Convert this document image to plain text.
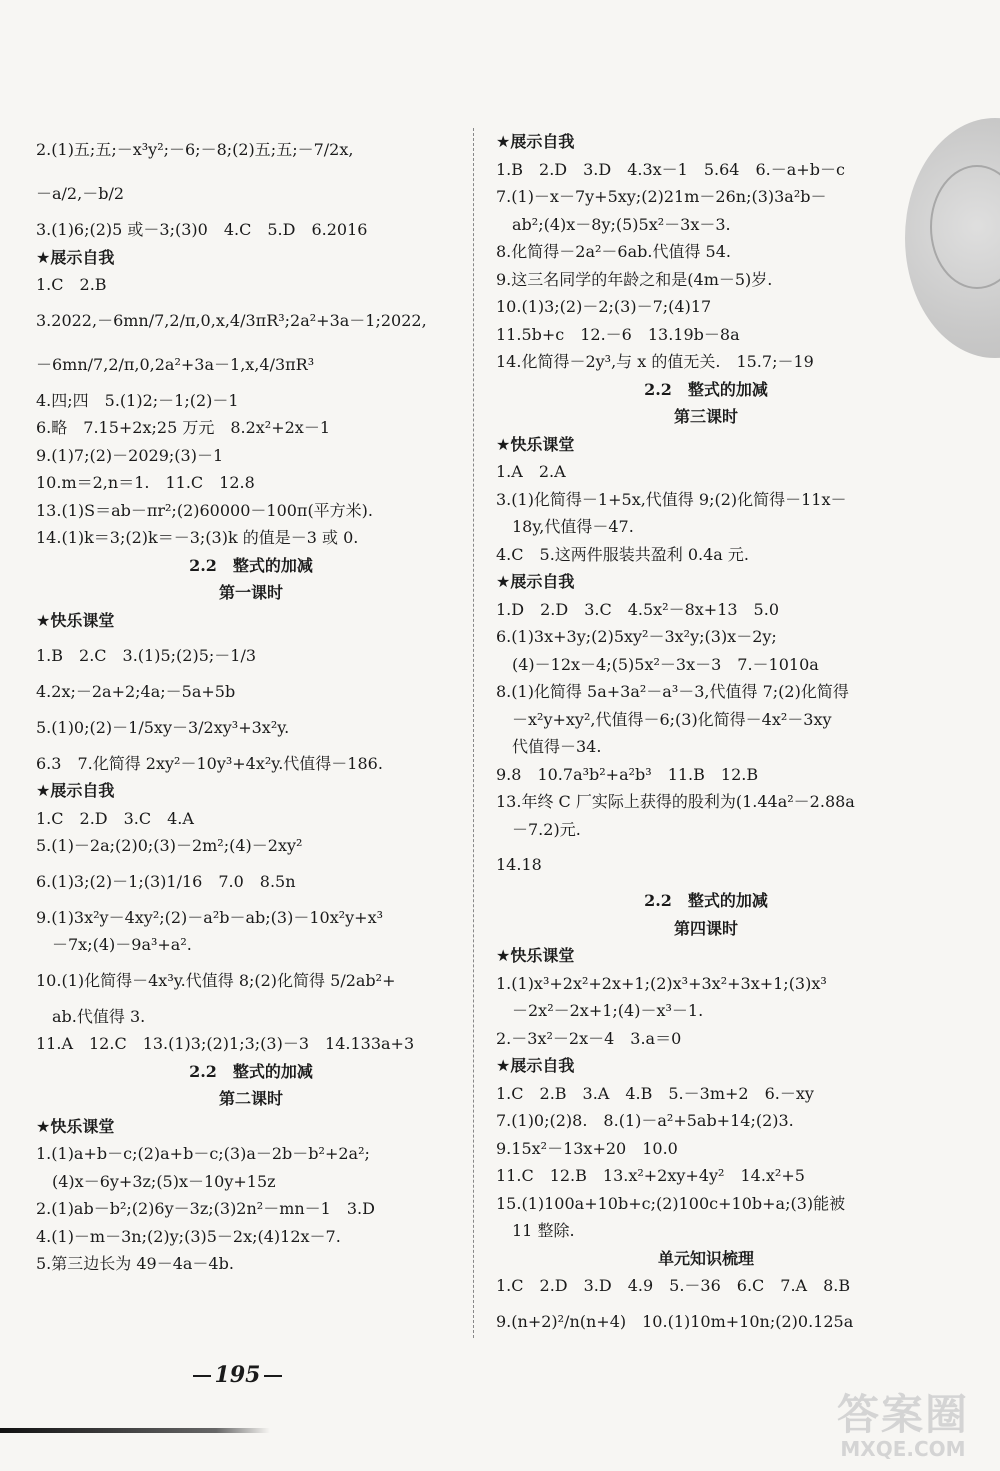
2.(1)五;五;－x³y²;－6;－8;(2)五;五;－7/2x,
－a/2,－b/2
3.(1)6;(2)5 或－3;(3)0　4.C　5.D　6.2016
★展示自我
1.C　2.B
3.2022,－6mn/7,2/π,0,x,4/3πR³;2a²+3a－1;2022,
－6mn/7,2/π,0,2a²+3a－1,x,4/3πR³
4.四;四　5.(1)2;－1;(2)－1
6.略　7.15+2x;25 万元　8.2x²+2x－1
9.(1)7;(2)－2029;(3)－1
10.m＝2,n＝1.　11.C　12.8
13.(1)S＝ab－πr²;(2)60000－100π(平方米).
14.(1)k＝3;(2)k＝－3;(3)k 的值是－3 或 0.
2.2　整式的加减
第一课时
★快乐课堂
1.B　2.C　3.(1)5;(2)5;－1/3
4.2x;－2a+2;4a;－5a+5b
5.(1)0;(2)－1/5xy－3/2xy³+3x²y.
6.3　7.化简得 2xy²－10y³+4x²y.代值得－186.
★展示自我
1.C　2.D　3.C　4.A
5.(1)－2a;(2)0;(3)－2m²;(4)－2xy²
6.(1)3;(2)－1;(3)1/16　7.0　8.5n
9.(1)3x²y－4xy²;(2)－a²b－ab;(3)－10x²y+x³
　－7x;(4)－9a³+a².
10.(1)化简得－4x³y.代值得 8;(2)化简得 5/2ab²+
　ab.代值得 3.
11.A　12.C　13.(1)3;(2)1;3;(3)－3　14.133a+3
2.2　整式的加减
第二课时
★快乐课堂
1.(1)a+b－c;(2)a+b－c;(3)a－2b－b²+2a²;
　(4)x－6y+3z;(5)x－10y+15z
2.(1)ab－b²;(2)6y－3z;(3)2n²－mn－1　3.D
4.(1)－m－3n;(2)y;(3)5－2x;(4)12x－7.
5.第三边长为 49－4a－4b.
★展示自我
1.B　2.D　3.D　4.3x－1　5.64　6.－a+b－c
7.(1)－x－7y+5xy;(2)21m－26n;(3)3a²b－
　ab²;(4)x－8y;(5)5x²－3x－3.
8.化简得－2a²－6ab.代值得 54.
9.这三名同学的年龄之和是(4m－5)岁.
10.(1)3;(2)－2;(3)－7;(4)17
11.5b+c　12.－6　13.19b－8a
14.化简得－2y³,与 x 的值无关.　15.7;－19
2.2　整式的加减
第三课时
★快乐课堂
1.A　2.A
3.(1)化简得－1+5x,代值得 9;(2)化简得－11x－
　18y,代值得－47.
4.C　5.这两件服装共盈利 0.4a 元.
★展示自我
1.D　2.D　3.C　4.5x²－8x+13　5.0
6.(1)3x+3y;(2)5xy²－3x²y;(3)x－2y;
　(4)－12x－4;(5)5x²－3x－3　7.－1010a
8.(1)化简得 5a+3a²－a³－3,代值得 7;(2)化简得
　－x²y+xy²,代值得－6;(3)化简得－4x²－3xy
　代值得－34.
9.8　10.7a³b²+a²b³　11.B　12.B
13.年终 C 厂实际上获得的股利为(1.44a²－2.88a
　－7.2)元.
14.18
2.2　整式的加减
第四课时
★快乐课堂
1.(1)x³+2x²+2x+1;(2)x³+3x²+3x+1;(3)x³
　－2x²－2x+1;(4)－x³－1.
2.－3x²－2x－4　3.a＝0
★展示自我
1.C　2.B　3.A　4.B　5.－3m+2　6.－xy
7.(1)0;(2)8.　8.(1)－a²+5ab+14;(2)3.
9.15x²－13x+20　10.0
11.C　12.B　13.x²+2xy+4y²　14.x²+5
15.(1)100a+10b+c;(2)100c+10b+a;(3)能被
　11 整除.
单元知识梳理
1.C　2.D　3.D　4.9　5.－36　6.C　7.A　8.B
9.(n+2)²/n(n+4)　10.(1)10m+10n;(2)0.125a
195
答案圈
MXQE.COM
